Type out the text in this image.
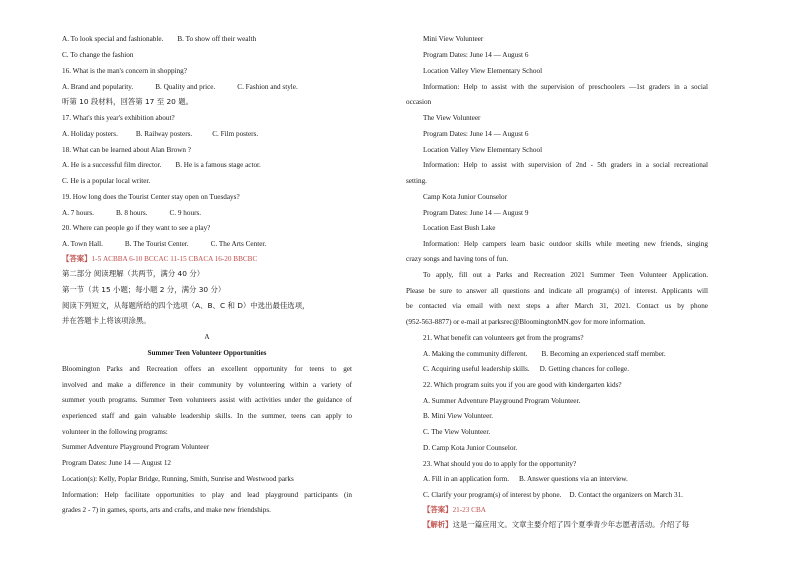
A. To look special and fashionable. B. To show off their wealth
C. To change the fashion
16. What is the man's concern in shopping?
A. Brand and popularity.	B. Quality and price.	C. Fashion and style.
听第 10 段材料，回答第 17 至 20 题。
17. What's this year's exhibition about?
A. Holiday posters.	B. Railway posters.	C. Film posters.
18. What can be learned about Alan Brown ?
A. He is a successful film director. B. He is a famous stage actor.
C. He is a popular local writer.
19. How long does the Tourist Center stay open on Tuesdays?
A. 7 hours.	B. 8 hours.	C. 9 hours.
20. Where can people go if they want to see a play?
A. Town Hall.	B. The Tourist Center.	C. The Arts Center.
【答案】1-5 ACBBA 6-10 BCCAC 11-15 CBACA 16-20 BBCBC
第二部分 阅读理解（共两节，满分 40 分）
第一节（共 15 小题；每小题 2 分，满分 30 分）
阅读下列短文，从每题所给的四个选项（A、B、C 和 D）中选出最佳选项，
并在答题卡上将该项涂黑。
A
Summer Teen Volunteer Opportunities
Bloomington Parks and Recreation offers an excellent opportunity for teens to get
involved and make a difference in their community by volunteering within a variety of
summer youth programs. Summer Teen volunteers assist with activities under the guidance of
experienced staff and gain valuable leadership skills. In the summer, teens can apply to
volunteer in the following programs:
Summer Adventure Playground Program Volunteer
Program Dates: June 14 — August 12
Location(s): Kelly, Poplar Bridge, Running, Smith, Sunrise and Westwood parks
Information: Help facilitate opportunities to play and lead playground participants (in
grades 2 - 7) in games, sports, arts and crafts, and make new friendships.
Mini View Volunteer
Program Dates: June 14 — August 6
Location Valley View Elementary School
Information: Help to assist with the supervision of preschoolers —1st graders in a social
occasion
The View Volunteer
Program Dates: June 14 — August 6
Location Valley View Elementary School
Information: Help to assist with supervision of 2nd - 5th graders in a social recreational
setting.
Camp Kota Junior Counselor
Program Dates: June 14 — August 9
Location East Bush Lake
Information: Help campers learn basic outdoor skills while meeting new friends, singing
crazy songs and having tons of fun.
To apply, fill out a Parks and Recreation 2021 Summer Teen Volunteer Application.
Please be sure to answer all questions and indicate all program(s) of interest. Applicants will
be contacted via email with next steps a after March 31, 2021. Contact us by phone
(952-563-8877) or e-mail at parksrec@BloomingtonMN.gov for more information.
21. What benefit can volunteers get from the programs?
A. Making the community different. B. Becoming an experienced staff member.
C. Acquiring useful leadership skills. D. Getting chances for college.
22. Which program suits you if you are good with kindergarten kids?
A. Summer Adventure Playground Program Volunteer.
B. Mini View Volunteer.
C. The View Volunteer.
D. Camp Kota Junior Counselor.
23. What should you do to apply for the opportunity?
A. Fill in an application form. B. Answer questions via an interview.
C. Clarify your program(s) of interest by phone. D. Contact the organizers on March 31.
【答案】21-23 CBA
【解析】这是一篇应用文。文章主要介绍了四个夏季青少年志愿者活动。介绍了每
